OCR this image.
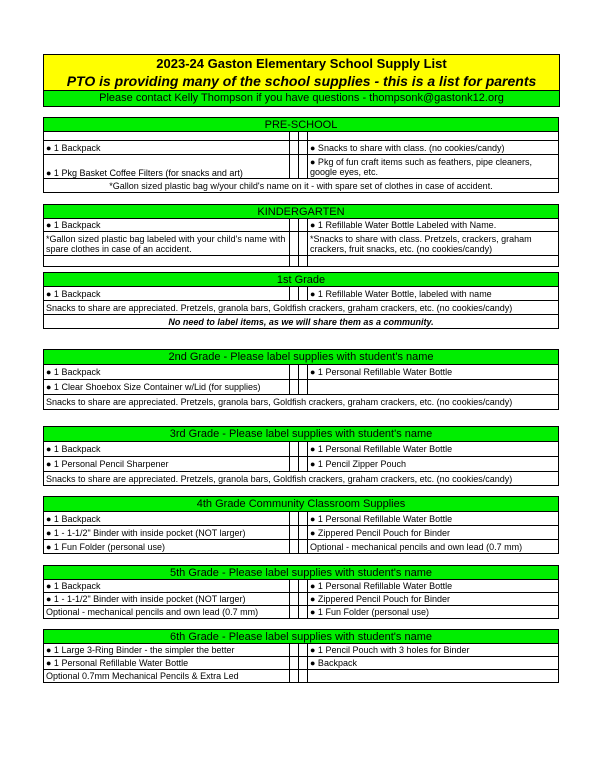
2023-24 Gaston Elementary School Supply List
PTO is providing many of the school supplies - this is a list for parents
Please contact Kelly Thompson if you have questions - thompsonk@gastonk12.org
PRE-SCHOOL			

● 1 Backpack			● Snacks to share with class. (no cookies/candy)
● 1 Pkg Basket Coffee Filters (for snacks and art)			● Pkg of fun craft items such as feathers, pipe cleaners, google eyes, etc.
*Gallon sized plastic bag w/your child's name on it - with spare set of clothes in case of accident.			
KINDERGARTEN			
● 1 Backpack			● 1 Refillable Water Bottle Labeled with Name.
*Gallon sized plastic bag labeled with your child's name with spare clothes in case of an accident.			*Snacks to share with class. Pretzels, crackers, graham crackers, fruit snacks, etc. (no cookies/candy)

1st Grade
● 1 Backpack			● 1 Refillable Water Bottle, labeled with name
Snacks to share are appreciated. Pretzels, granola bars, Goldfish crackers, graham crackers, etc. (no cookies/candy)
No need to label items, as we will share them as a community.
2nd Grade - Please label supplies with student's name			
● 1 Backpack			● 1 Personal Refillable Water Bottle
● 1 Clear Shoebox Size Container w/Lid (for supplies)			
Snacks to share are appreciated. Pretzels, granola bars, Goldfish crackers, graham crackers, etc. (no cookies/candy)			
3rd Grade - Please label supplies with student's name			
● 1 Backpack			● 1 Personal Refillable Water Bottle
● 1 Personal Pencil Sharpener			● 1 Pencil Zipper Pouch
Snacks to share are appreciated. Pretzels, granola bars, Goldfish crackers, graham crackers, etc. (no cookies/candy)			
4th Grade Community Classroom Supplies			
● 1 Backpack			● 1 Personal Refillable Water Bottle
● 1 - 1-1/2" Binder with inside pocket (NOT larger)			● Zippered Pencil Pouch for Binder
● 1 Fun Folder (personal use)			Optional - mechanical pencils and own lead (0.7 mm)
5th Grade - Please label supplies with student's name			
● 1 Backpack			● 1 Personal Refillable Water Bottle
● 1 - 1-1/2" Binder with inside pocket (NOT larger)			● Zippered Pencil Pouch for Binder
Optional - mechanical pencils and own lead (0.7 mm)			● 1 Fun Folder (personal use)
6th Grade - Please label supplies with student's name			
● 1 Large 3-Ring Binder - the simpler the better			● 1 Pencil Pouch with 3 holes for Binder
● 1 Personal Refillable Water Bottle			● Backpack
Optional 0.7mm Mechanical Pencils & Extra Led			
